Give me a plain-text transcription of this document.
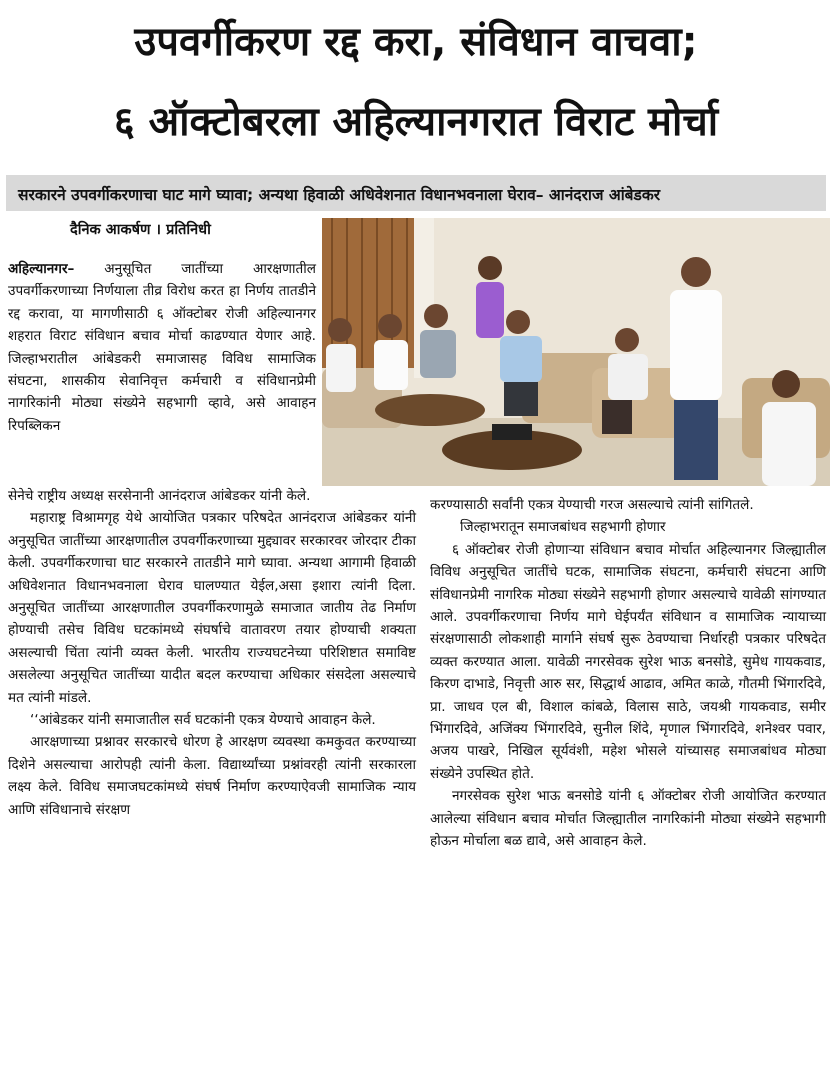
उपवर्गीकरण रद्द करा, संविधान वाचवा;
६ ऑक्टोबरला अहिल्यानगरात विराट मोर्चा
सरकारने उपवर्गीकरणाचा घाट मागे घ्यावा; अन्यथा हिवाळी अधिवेशनात विधानभवनाला घेराव– आनंदराज आंबेडकर
दैनिक आकर्षण । प्रतिनिधी

अहिल्यानगर– अनुसूचित जातींच्या आरक्षणातील उपवर्गीकरणाच्या निर्णयाला तीव्र विरोध करत हा निर्णय तातडीने रद्द करावा, या मागणीसाठी ६ ऑक्टोबर रोजी अहिल्यानगर शहरात विराट संविधान बचाव मोर्चा काढण्यात येणार आहे. जिल्हाभरातील आंबेडकरी समाजासह विविध सामाजिक संघटना, शासकीय सेवानिवृत्त कर्मचारी व संविधानप्रेमी नागरिकांनी मोठ्या संख्येने सहभागी व्हावे, असे आवाहन रिपब्लिकन

सेनेचे राष्ट्रीय अध्यक्ष सरसेनानी आनंदराज आंबेडकर यांनी केले.

महाराष्ट्र विश्रामगृह येथे आयोजित पत्रकार परिषदेत आनंदराज आंबेडकर यांनी अनुसूचित जातींच्या आरक्षणातील उपवर्गीकरणाच्या मुद्द्यावर सरकारवर जोरदार टीका केली. उपवर्गीकरणाचा घाट सरकारने तातडीने मागे घ्यावा. अन्यथा आगामी हिवाळी अधिवेशनात विधानभवनाला घेराव घालण्यात येईल,असा इशारा त्यांनी दिला. अनुसूचित जातींच्या आरक्षणातील उपवर्गीकरणामुळे समाजात जातीय तेढ निर्माण होण्याची तसेच विविध घटकांमध्ये संघर्षाचे वातावरण तयार होण्याची शक्यता असल्याची चिंता त्यांनी व्यक्त केली. भारतीय राज्यघटनेच्या परिशिष्टात समाविष्ट असलेल्या अनुसूचित जातींच्या यादीत बदल करण्याचा अधिकार संसदेला असल्याचे मत त्यांनी मांडले.

‘‘आंबेडकर यांनी समाजातील सर्व घटकांनी एकत्र येण्याचे आवाहन केले.

आरक्षणाच्या प्रश्नावर सरकारचे धोरण हे आरक्षण व्यवस्था कमकुवत करण्याच्या दिशेने असल्याचा आरोपही त्यांनी केला. विद्यार्थ्यांच्या प्रश्नांवरही त्यांनी सरकारला लक्ष्य केले. विविध समाजघटकांमध्ये संघर्ष निर्माण करण्याऐवजी सामाजिक न्याय आणि संविधानाचे संरक्षण

करण्यासाठी सर्वांनी एकत्र येण्याची गरज असल्याचे त्यांनी सांगितले.

जिल्हाभरातून समाजबांधव सहभागी होणार

६ ऑक्टोबर रोजी होणाऱ्या संविधान बचाव मोर्चात अहिल्यानगर जिल्ह्यातील विविध अनुसूचित जातींचे घटक, सामाजिक संघटना, कर्मचारी संघटना आणि संविधानप्रेमी नागरिक मोठ्या संख्येने सहभागी होणार असल्याचे यावेळी सांगण्यात आले. उपवर्गीकरणाचा निर्णय मागे घेईपर्यंत संविधान व सामाजिक न्यायाच्या संरक्षणासाठी लोकशाही मार्गाने संघर्ष सुरू ठेवण्याचा निर्धारही पत्रकार परिषदेत व्यक्त करण्यात आला. यावेळी नगरसेवक सुरेश भाऊ बनसोडे, सुमेध गायकवाड, किरण दाभाडे, निवृत्ती आरु सर, सिद्धार्थ आढाव, अमित काळे, गौतमी भिंगारदिवे, प्रा. जाधव एल बी, विशाल कांबळे, विलास साठे, जयश्री गायकवाड, समीर भिंगारदिवे, अजिंक्य भिंगारदिवे, सुनील शिंदे, मृणाल भिंगारदिवे, शनेश्वर पवार, अजय पाखरे, निखिल सूर्यवंशी, महेश भोसले यांच्यासह समाजबांधव मोठ्या संख्येने उपस्थित होते.

नगरसेवक सुरेश भाऊ बनसोडे यांनी ६ ऑक्टोबर रोजी आयोजित करण्यात आलेल्या संविधान बचाव मोर्चात जिल्ह्यातील नागरिकांनी मोठ्या संख्येने सहभागी होऊन मोर्चाला बळ द्यावे, असे आवाहन केले.
